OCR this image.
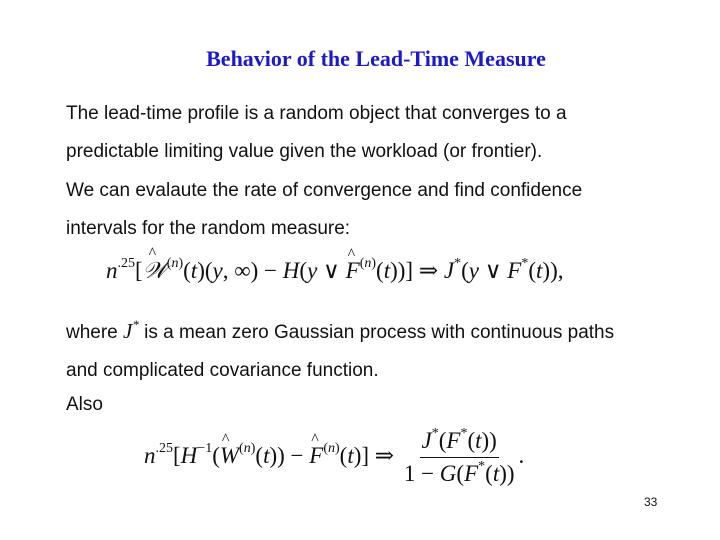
Behavior of the Lead-Time Measure
The lead-time profile is a random object that converges to a
predictable limiting value given the workload (or frontier).
We can evalaute the rate of convergence and find confidence
intervals for the random measure:
$n^{.25}[\^{}$ 𝒲$^{(n)}$(t)(y, ∞) − H(y ∨ ^ $F^{(n)}(t)$)] ⇒ J*(y ∨ F*(t)),
where J* is a mean zero Gaussian process with continuous paths
and complicated covariance function.
Also
$n^{.25}[H^{-1}(\^{}$ $W^{(n)}(t)$) − ^ $F^{(n)}(t)$] ⇒ $\frac{J^*(F^*(t))}{1 - G(F^*(t))}$ .
33
